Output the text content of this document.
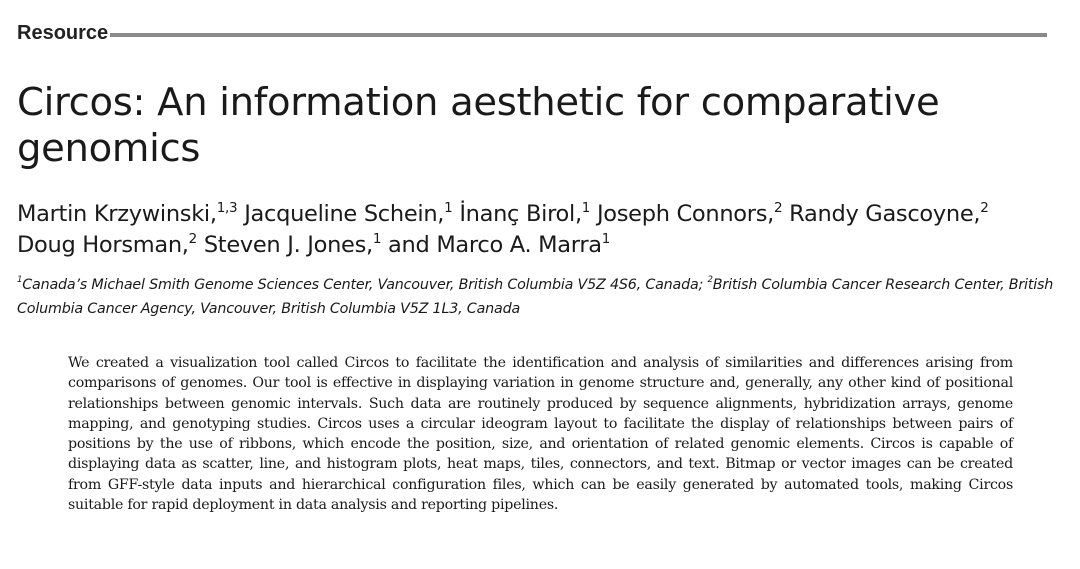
Resource
Circos: An information aesthetic for comparative genomics

Martin Krzywinski,$^{1,3}$ Jacqueline Schein,$^1$ İnanç Birol,$^1$ Joseph Connors,$^2$ Randy Gascoyne,$^2$ Doug Horsman,$^2$ Steven J. Jones,$^1$ and Marco A. Marra$^1$

$^1$Canada’s Michael Smith Genome Sciences Center, Vancouver, British Columbia V5Z 4S6, Canada; $^2$British Columbia Cancer Research Center, British Columbia Cancer Agency, Vancouver, British Columbia V5Z 1L3, Canada

We created a visualization tool called Circos to facilitate the identification and analysis of similarities and differences arising from comparisons of genomes. Our tool is effective in displaying variation in genome structure and, generally, any other kind of positional relationships between genomic intervals. Such data are routinely produced by sequence alignments, hybridization arrays, genome mapping, and genotyping studies. Circos uses a circular ideogram layout to facilitate the display of relationships between pairs of positions by the use of ribbons, which encode the position, size, and orientation of related genomic elements. Circos is capable of displaying data as scatter, line, and histogram plots, heat maps, tiles, connectors, and text. Bitmap or vector images can be created from GFF-style data inputs and hierarchical configuration files, which can be easily generated by automated tools, making Circos suitable for rapid deployment in data analysis and reporting pipelines.
